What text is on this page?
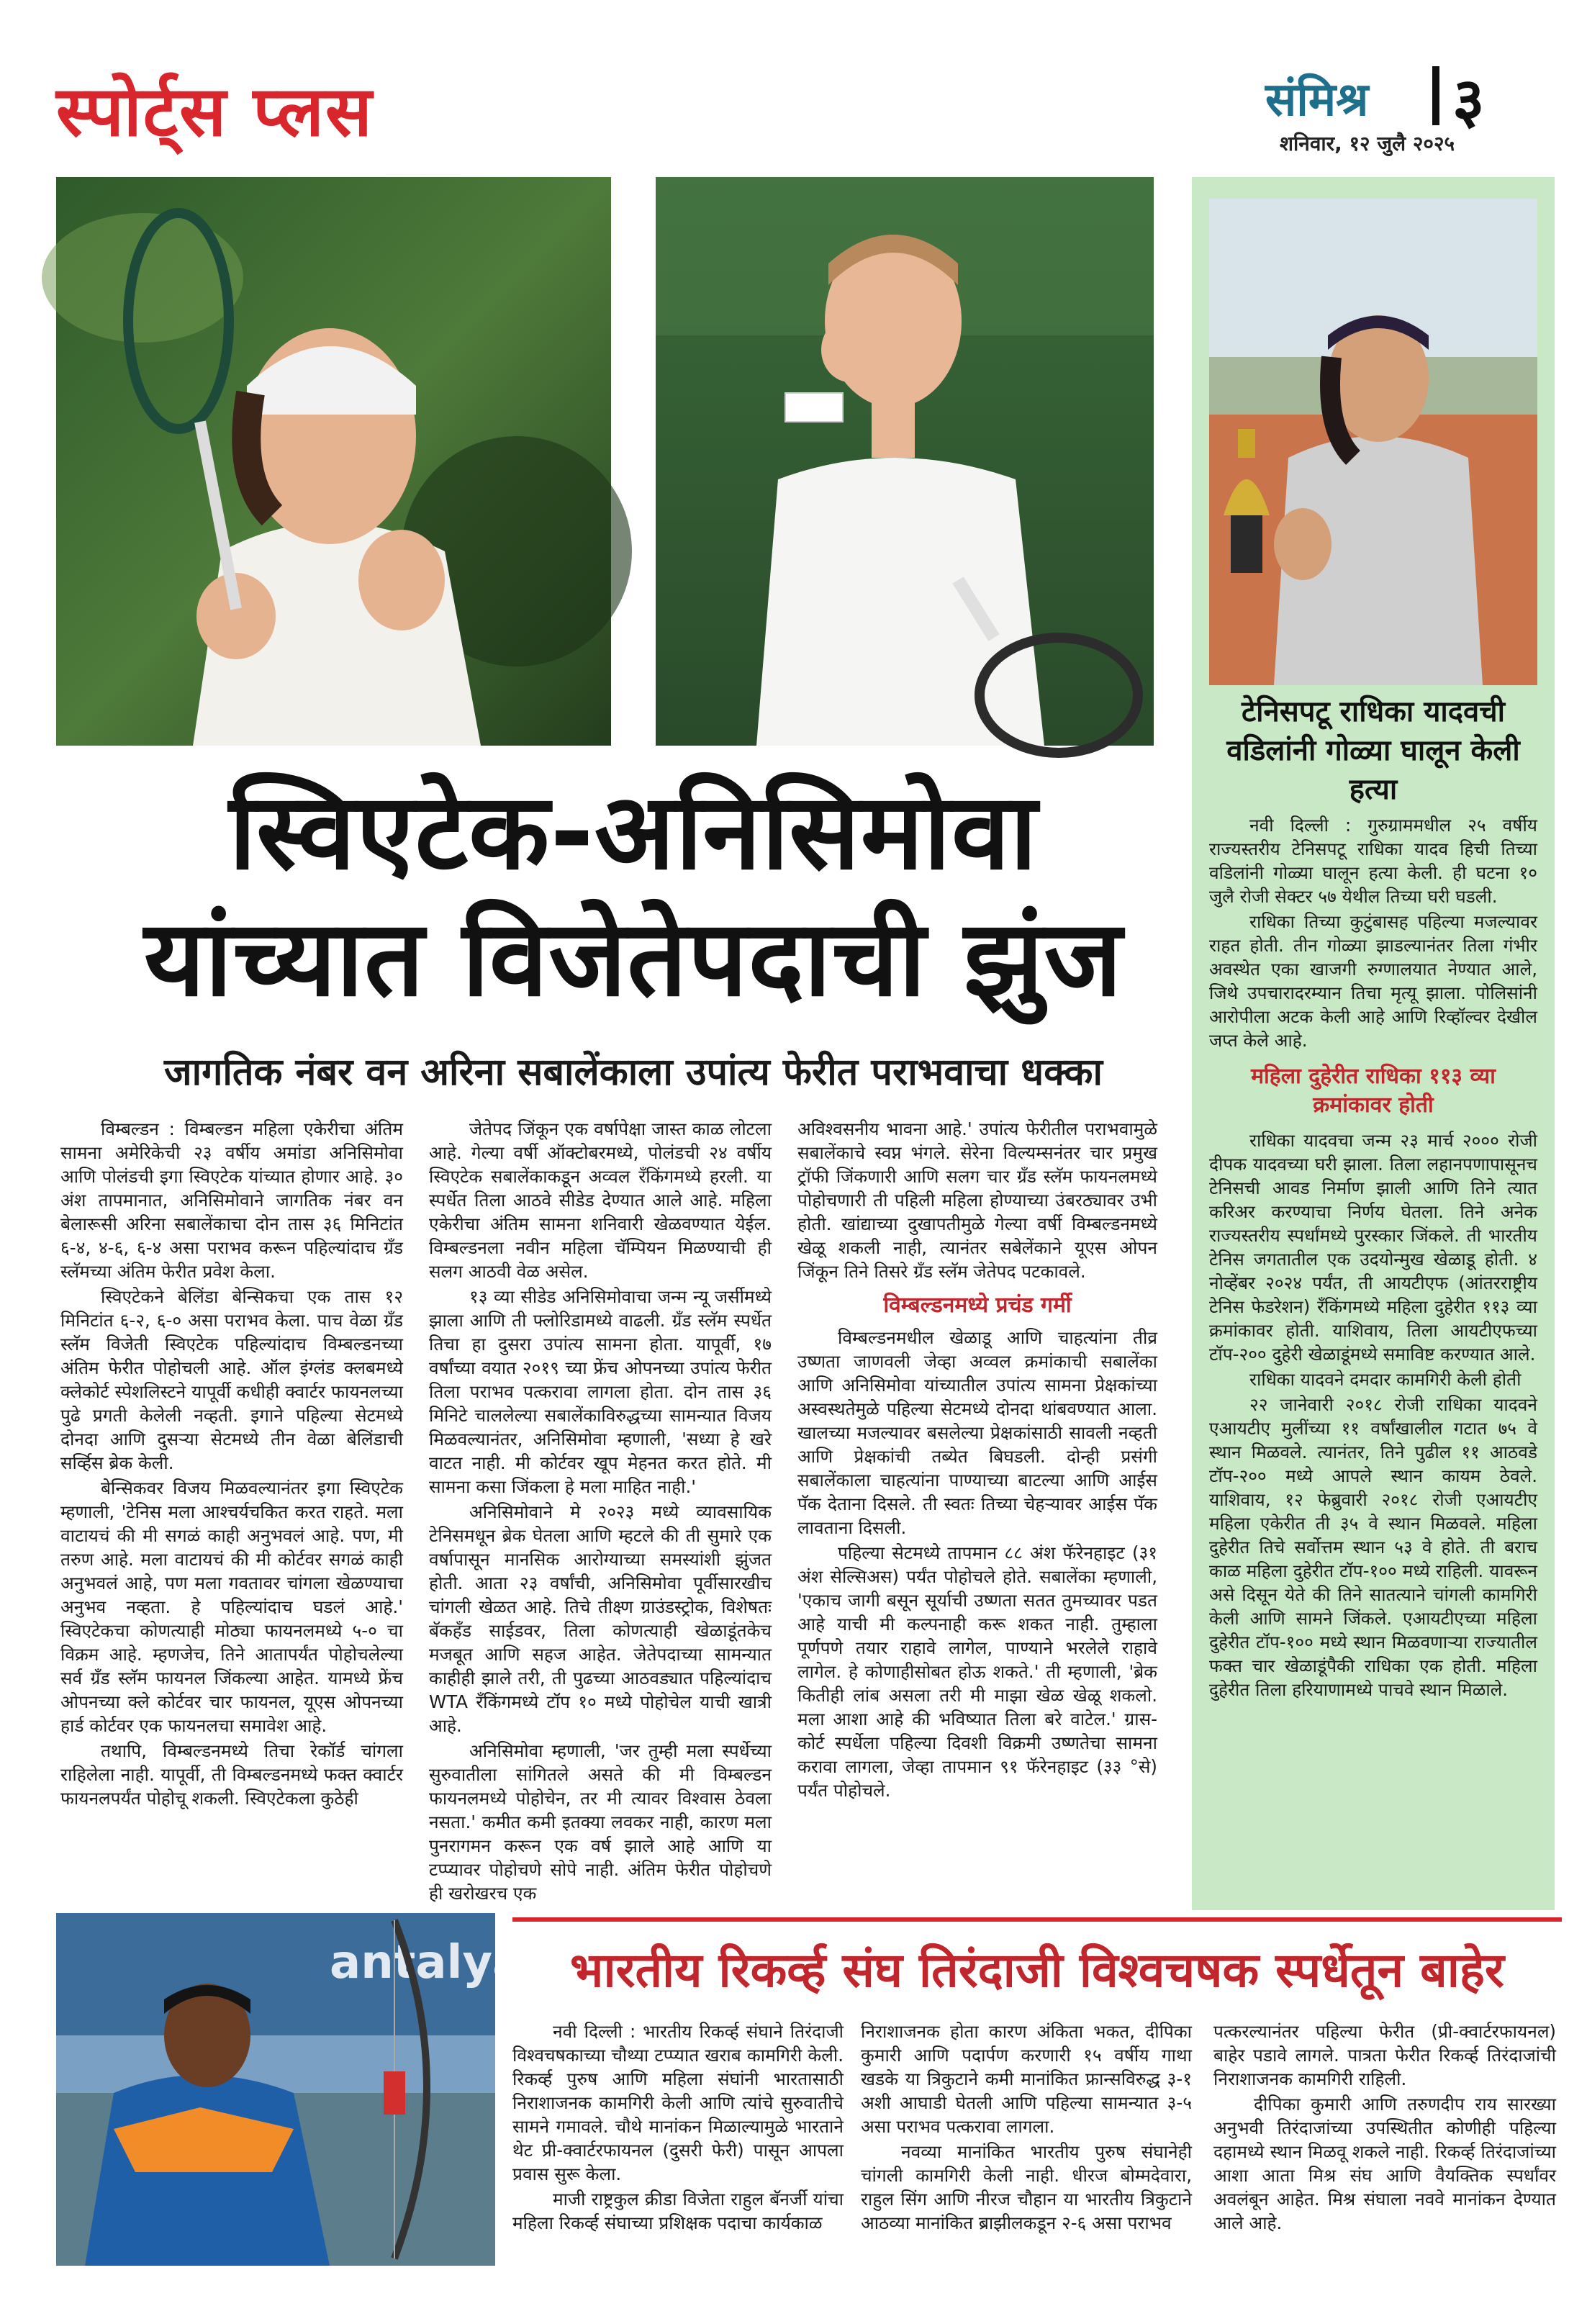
स्पोर्ट्स प्लस	संमिश्र ३
शनिवार, १२ जुलै २०२५
टेनिसपटू राधिका यादवची वडिलांनी गोळ्या घालून केली हत्या

नवी दिल्ली : गुरुग्राममधील २५ वर्षीय राज्यस्तरीय टेनिसपटू राधिका यादव हिची तिच्या वडिलांनी गोळ्या घालून हत्या केली. ही घटना १० जुलै रोजी सेक्टर ५७ येथील तिच्या घरी घडली.

राधिका तिच्या कुटुंबासह पहिल्या मजल्यावर राहत होती. तीन गोळ्या झाडल्यानंतर तिला गंभीर अवस्थेत एका खाजगी रुग्णालयात नेण्यात आले, जिथे उपचारादरम्यान तिचा मृत्यू झाला. पोलिसांनी आरोपीला अटक केली आहे आणि रिव्हॉल्वर देखील जप्त केले आहे.

महिला दुहेरीत राधिका ११३ व्या क्रमांकावर होती

राधिका यादवचा जन्म २३ मार्च २००० रोजी दीपक यादवच्या घरी झाला. तिला लहानपणापासूनच टेनिसची आवड निर्माण झाली आणि तिने त्यात करिअर करण्याचा निर्णय घेतला. तिने अनेक राज्यस्तरीय स्पर्धांमध्ये पुरस्कार जिंकले. ती भारतीय टेनिस जगतातील एक उदयोन्मुख खेळाडू होती. ४ नोव्हेंबर २०२४ पर्यंत, ती आयटीएफ (आंतरराष्ट्रीय टेनिस फेडरेशन) रँकिंगमध्ये महिला दुहेरीत ११३ व्या क्रमांकावर होती. याशिवाय, तिला आयटीएफच्या टॉप-२०० दुहेरी खेळाडूंमध्ये समाविष्ट करण्यात आले.

राधिका यादवने दमदार कामगिरी केली होती

२२ जानेवारी २०१८ रोजी राधिका यादवने एआयटीए मुलींच्या ११ वर्षांखालील गटात ७५ वे स्थान मिळवले. त्यानंतर, तिने पुढील ११ आठवडे टॉप-२०० मध्ये आपले स्थान कायम ठेवले. याशिवाय, १२ फेब्रुवारी २०१८ रोजी एआयटीए महिला एकेरीत ती ३५ वे स्थान मिळवले. महिला दुहेरीत तिचे सर्वोत्तम स्थान ५३ वे होते. ती बराच काळ महिला दुहेरीत टॉप-१०० मध्ये राहिली. यावरून असे दिसून येते की तिने सातत्याने चांगली कामगिरी केली आणि सामने जिंकले. एआयटीएच्या महिला दुहेरीत टॉप-१०० मध्ये स्थान मिळवणाऱ्या राज्यातील फक्त चार खेळाडूंपैकी राधिका एक होती. महिला दुहेरीत तिला हरियाणामध्ये पाचवे स्थान मिळाले.

स्विएटेक-अनिसिमोवा
यांच्यात विजेतेपदाची झुंज
जागतिक नंबर वन अरिना सबालेंकाला उपांत्य फेरीत पराभवाचा धक्का

विम्बल्डन : विम्बल्डन महिला एकेरीचा अंतिम सामना अमेरिकेची २३ वर्षीय अमांडा अनिसिमोवा आणि पोलंडची इगा स्विएटेक यांच्यात होणार आहे. ३० अंश तापमानात, अनिसिमोवाने जागतिक नंबर वन बेलारूसी अरिना सबालेंकाचा दोन तास ३६ मिनिटांत ६-४, ४-६, ६-४ असा पराभव करून पहिल्यांदाच ग्रँड स्लॅमच्या अंतिम फेरीत प्रवेश केला.

स्विएटेकने बेलिंडा बेन्सिकचा एक तास १२ मिनिटांत ६-२, ६-० असा पराभव केला. पाच वेळा ग्रँड स्लॅम विजेती स्विएटेक पहिल्यांदाच विम्बल्डनच्या अंतिम फेरीत पोहोचली आहे. ऑल इंग्लंड क्लबमध्ये क्लेकोर्ट स्पेशलिस्टने यापूर्वी कधीही क्वार्टर फायनलच्या पुढे प्रगती केलेली नव्हती. इगाने पहिल्या सेटमध्ये दोनदा आणि दुसऱ्या सेटमध्ये तीन वेळा बेलिंडाची सर्व्हिस ब्रेक केली.

बेन्सिकवर विजय मिळवल्यानंतर इगा स्विएटेक म्हणाली, 'टेनिस मला आश्चर्यचकित करत राहते. मला वाटायचं की मी सगळं काही अनुभवलं आहे. पण, मी तरुण आहे. मला वाटायचं की मी कोर्टवर सगळं काही अनुभवलं आहे, पण मला गवतावर चांगला खेळण्याचा अनुभव नव्हता. हे पहिल्यांदाच घडलं आहे.' स्विएटेकचा कोणत्याही मोठ्या फायनलमध्ये ५-० चा विक्रम आहे. म्हणजेच, तिने आतापर्यंत पोहोचलेल्या सर्व ग्रँड स्लॅम फायनल जिंकल्या आहेत. यामध्ये फ्रेंच ओपनच्या क्ले कोर्टवर चार फायनल, यूएस ओपनच्या हार्ड कोर्टवर एक फायनलचा समावेश आहे.

तथापि, विम्बल्डनमध्ये तिचा रेकॉर्ड चांगला राहिलेला नाही. यापूर्वी, ती विम्बल्डनमध्ये फक्त क्वार्टर फायनलपर्यंत पोहोचू शकली. स्विएटेकला कुठेही

जेतेपद जिंकून एक वर्षापेक्षा जास्त काळ लोटला आहे. गेल्या वर्षी ऑक्टोबरमध्ये, पोलंडची २४ वर्षीय स्विएटेक सबालेंकाकडून अव्वल रँकिंगमध्ये हरली. या स्पर्धेत तिला आठवे सीडेड देण्यात आले आहे. महिला एकेरीचा अंतिम सामना शनिवारी खेळवण्यात येईल. विम्बल्डनला नवीन महिला चॅम्पियन मिळण्याची ही सलग आठवी वेळ असेल.

१३ व्या सीडेड अनिसिमोवाचा जन्म न्यू जर्सीमध्ये झाला आणि ती फ्लोरिडामध्ये वाढली. ग्रँड स्लॅम स्पर्धेत तिचा हा दुसरा उपांत्य सामना होता. यापूर्वी, १७ वर्षांच्या वयात २०१९ च्या फ्रेंच ओपनच्या उपांत्य फेरीत तिला पराभव पत्करावा लागला होता. दोन तास ३६ मिनिटे चाललेल्या सबालेंकाविरुद्धच्या सामन्यात विजय मिळवल्यानंतर, अनिसिमोवा म्हणाली, 'सध्या हे खरे वाटत नाही. मी कोर्टवर खूप मेहनत करत होते. मी सामना कसा जिंकला हे मला माहित नाही.'

अनिसिमोवाने मे २०२३ मध्ये व्यावसायिक टेनिसमधून ब्रेक घेतला आणि म्हटले की ती सुमारे एक वर्षापासून मानसिक आरोग्याच्या समस्यांशी झुंजत होती. आता २३ वर्षांची, अनिसिमोवा पूर्वीसारखीच चांगली खेळत आहे. तिचे तीक्ष्ण ग्राउंडस्ट्रोक, विशेषतः बॅकहँड साईडवर, तिला कोणत्याही खेळाडूंतकेच मजबूत आणि सहज आहेत. जेतेपदाच्या सामन्यात काहीही झाले तरी, ती पुढच्या आठवड्यात पहिल्यांदाच WTA रँकिंगमध्ये टॉप १० मध्ये पोहोचेल याची खात्री आहे.

अनिसिमोवा म्हणाली, 'जर तुम्ही मला स्पर्धेच्या सुरुवातीला सांगितले असते की मी विम्बल्डन फायनलमध्ये पोहोचेन, तर मी त्यावर विश्वास ठेवला नसता.' कमीत कमी इतक्या लवकर नाही, कारण मला पुनरागमन करून एक वर्ष झाले आहे आणि या टप्प्यावर पोहोचणे सोपे नाही. अंतिम फेरीत पोहोचणे ही खरोखरच एक

अविश्वसनीय भावना आहे.' उपांत्य फेरीतील पराभवामुळे सबालेंकाचे स्वप्न भंगले. सेरेना विल्यम्सनंतर चार प्रमुख ट्रॉफी जिंकणारी आणि सलग चार ग्रँड स्लॅम फायनलमध्ये पोहोचणारी ती पहिली महिला होण्याच्या उंबरठ्यावर उभी होती. खांद्याच्या दुखापतीमुळे गेल्या वर्षी विम्बल्डनमध्ये खेळू शकली नाही, त्यानंतर सबेलेंकाने यूएस ओपन जिंकून तिने तिसरे ग्रँड स्लॅम जेतेपद पटकावले.

विम्बल्डनमध्ये प्रचंड गर्मी

विम्बल्डनमधील खेळाडू आणि चाहत्यांना तीव्र उष्णता जाणवली जेव्हा अव्वल क्रमांकाची सबालेंका आणि अनिसिमोवा यांच्यातील उपांत्य सामना प्रेक्षकांच्या अस्वस्थतेमुळे पहिल्या सेटमध्ये दोनदा थांबवण्यात आला. खालच्या मजल्यावर बसलेल्या प्रेक्षकांसाठी सावली नव्हती आणि प्रेक्षकांची तब्येत बिघडली. दोन्ही प्रसंगी सबालेंकाला चाहत्यांना पाण्याच्या बाटल्या आणि आईस पॅक देताना दिसले. ती स्वतः तिच्या चेहऱ्यावर आईस पॅक लावताना दिसली.

पहिल्या सेटमध्ये तापमान ८८ अंश फॅरेनहाइट (३१ अंश सेल्सिअस) पर्यंत पोहोचले होते. सबालेंका म्हणाली, 'एकाच जागी बसून सूर्याची उष्णता सतत तुमच्यावर पडत आहे याची मी कल्पनाही करू शकत नाही. तुम्हाला पूर्णपणे तयार राहावे लागेल, पाण्याने भरलेले राहावे लागेल. हे कोणाहीसोबत होऊ शकते.' ती म्हणाली, 'ब्रेक कितीही लांब असला तरी मी माझा खेळ खेळू शकलो. मला आशा आहे की भविष्यात तिला बरे वाटेल.' ग्रास-कोर्ट स्पर्धेला पहिल्या दिवशी विक्रमी उष्णतेचा सामना करावा लागला, जेव्हा तापमान ९१ फॅरेनहाइट (३३ °से) पर्यंत पोहोचले.

antalya भारतीय रिकर्व्ह संघ तिरंदाजी विश्वचषक स्पर्धेतून बाहेर

नवी दिल्ली : भारतीय रिकर्व्ह संघाने तिरंदाजी विश्वचषकाच्या चौथ्या टप्प्यात खराब कामगिरी केली. रिकर्व्ह पुरुष आणि महिला संघांनी भारतासाठी निराशाजनक कामगिरी केली आणि त्यांचे सुरुवातीचे सामने गमावले. चौथे मानांकन मिळाल्यामुळे भारताने थेट प्री-क्वार्टरफायनल (दुसरी फेरी) पासून आपला प्रवास सुरू केला.

माजी राष्ट्रकुल क्रीडा विजेता राहुल बॅनर्जी यांचा महिला रिकर्व्ह संघाच्या प्रशिक्षक पदाचा कार्यकाळ

निराशाजनक होता कारण अंकिता भकत, दीपिका कुमारी आणि पदार्पण करणारी १५ वर्षीय गाथा खडके या त्रिकुटाने कमी मानांकित फ्रान्सविरुद्ध ३-१ अशी आघाडी घेतली आणि पहिल्या सामन्यात ३-५ असा पराभव पत्करावा लागला.

नवव्या मानांकित भारतीय पुरुष संघानेही चांगली कामगिरी केली नाही. धीरज बोम्मदेवारा, राहुल सिंग आणि नीरज चौहान या भारतीय त्रिकुटाने आठव्या मानांकित ब्राझीलकडून २-६ असा पराभव

पत्करल्यानंतर पहिल्या फेरीत (प्री-क्वार्टरफायनल) बाहेर पडावे लागले. पात्रता फेरीत रिकर्व्ह तिरंदाजांची निराशाजनक कामगिरी राहिली.

दीपिका कुमारी आणि तरुणदीप राय सारख्या अनुभवी तिरंदाजांच्या उपस्थितीत कोणीही पहिल्या दहामध्ये स्थान मिळवू शकले नाही. रिकर्व्ह तिरंदाजांच्या आशा आता मिश्र संघ आणि वैयक्तिक स्पर्धांवर अवलंबून आहेत. मिश्र संघाला नववे मानांकन देण्यात आले आहे.
